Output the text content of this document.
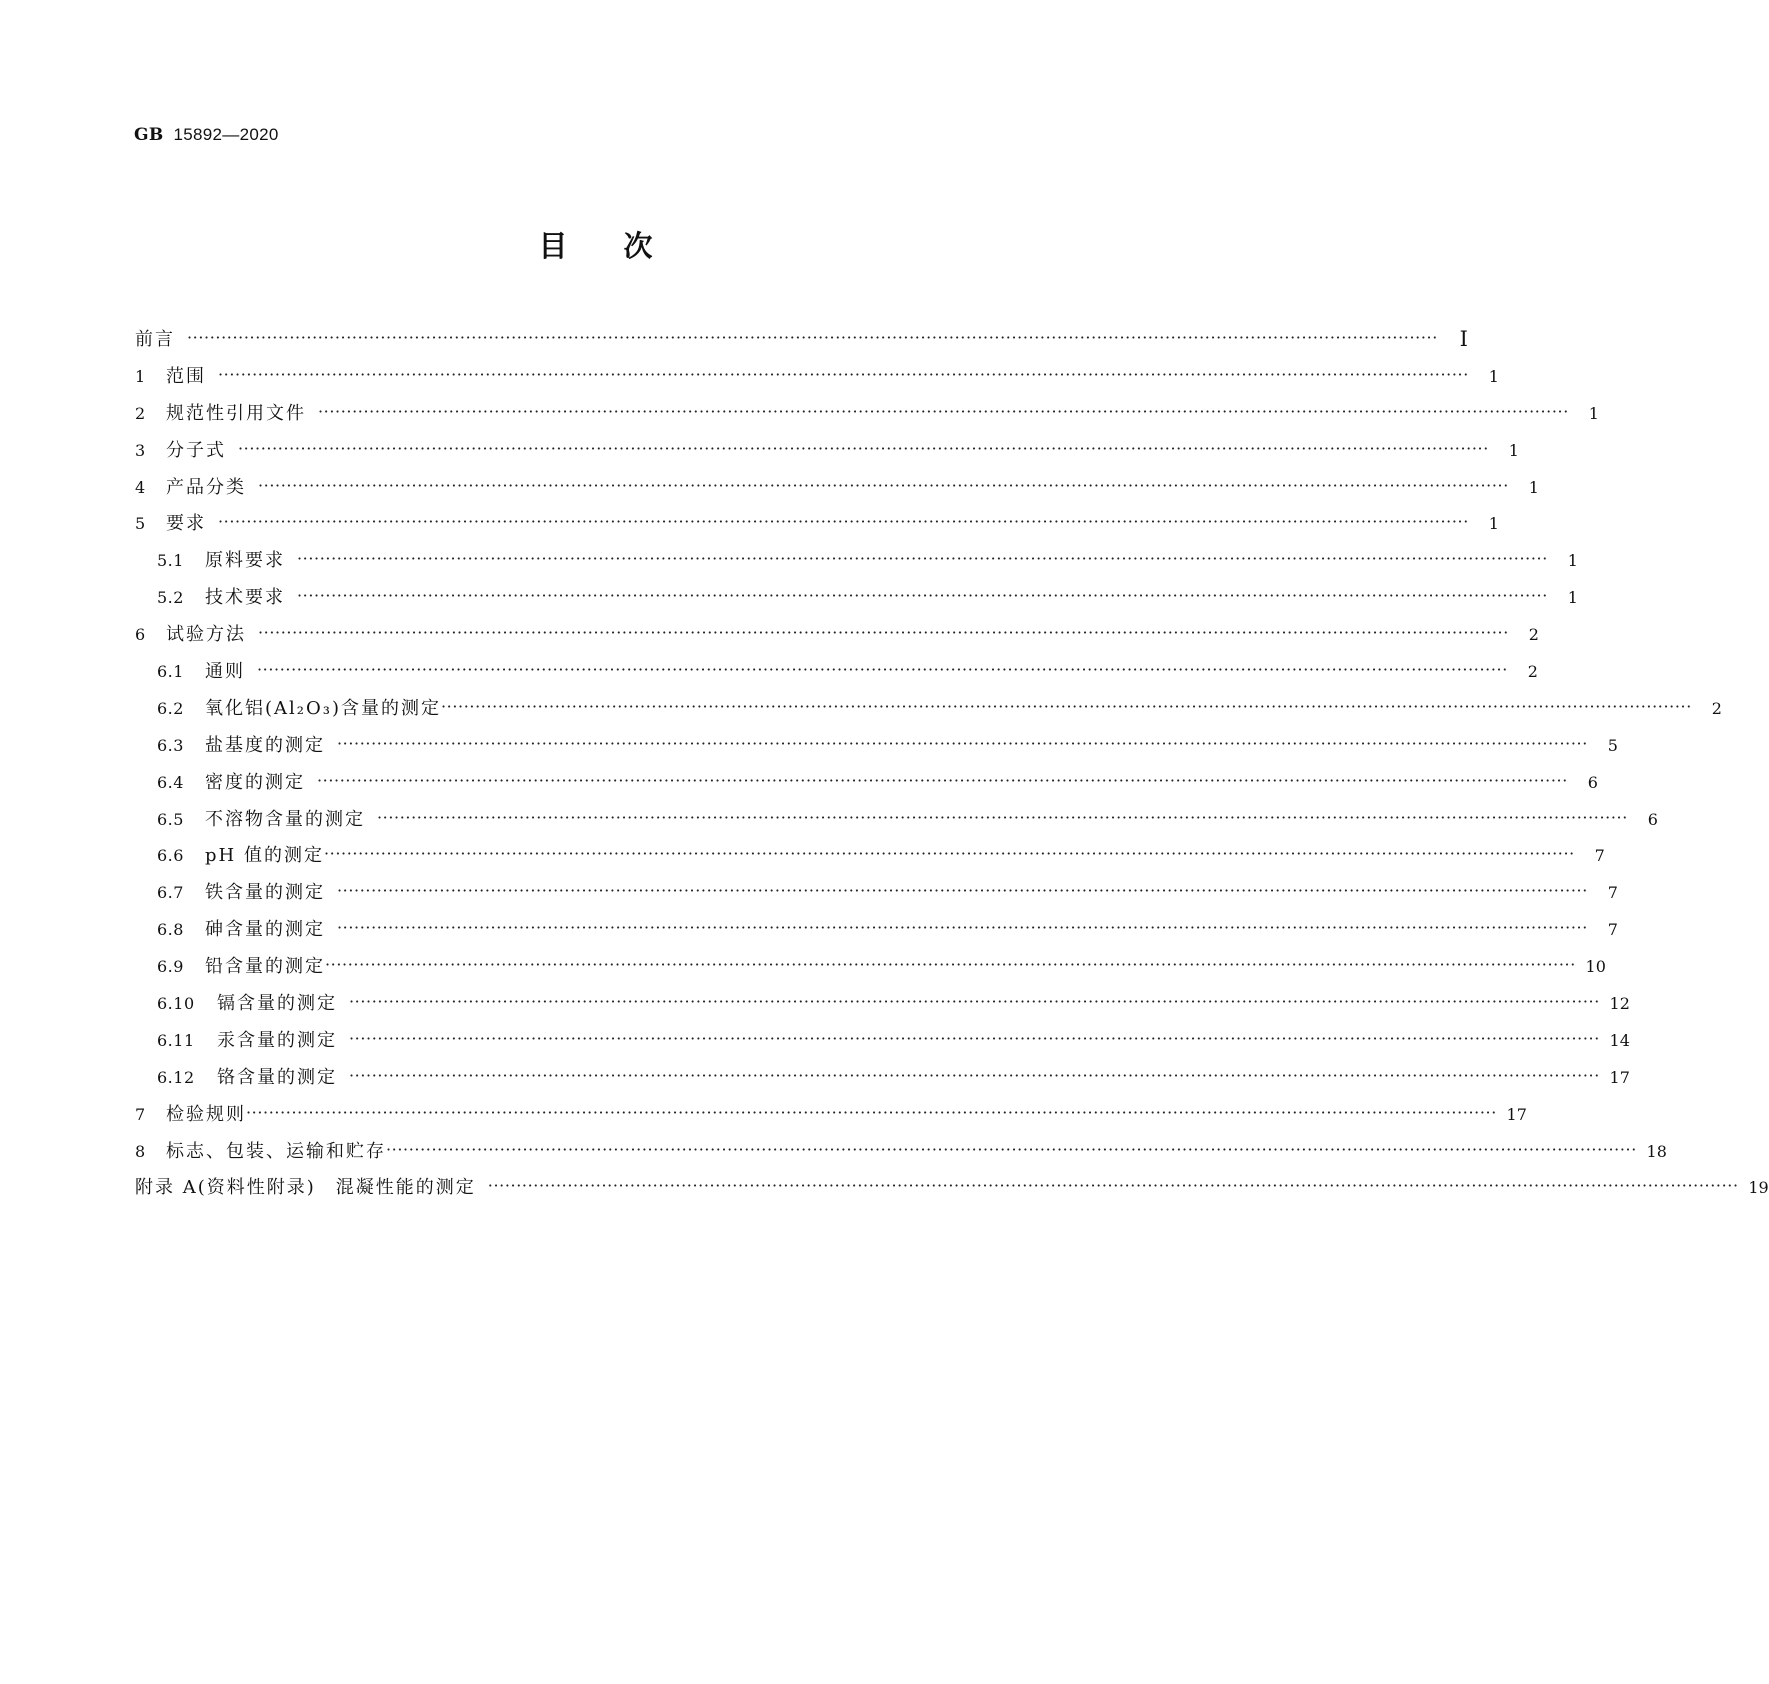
GB 15892—2020
目次
前言 ····························································································································································································································	Ⅰ
1	范围 ····························································································································································································································	1
2	规范性引用文件 ····························································································································································································································	1
3	分子式 ····························································································································································································································	1
4	产品分类 ····························································································································································································································	1
5	要求 ····························································································································································································································	1
5.1	原料要求 ····························································································································································································································	1
5.2	技术要求 ····························································································································································································································	1
6	试验方法 ····························································································································································································································	2
6.1	通则 ····························································································································································································································	2
6.2	氧化铝(Al₂O₃)含量的测定 ····························································································································································································································	2
6.3	盐基度的测定 ····························································································································································································································	5
6.4	密度的测定 ····························································································································································································································	6
6.5	不溶物含量的测定 ····························································································································································································································	6
6.6	pH 值的测定 ····························································································································································································································	7
6.7	铁含量的测定 ····························································································································································································································	7
6.8	砷含量的测定 ····························································································································································································································	7
6.9	铅含量的测定 ···························································································································································································································· 10
6.10	镉含量的测定 ···························································································································································································································· 12
6.11	汞含量的测定 ···························································································································································································································· 14
6.12	铬含量的测定 ···························································································································································································································· 17
7	检验规则 ···························································································································································································································· 17
8	标志、包装、运输和贮存 ···························································································································································································································· 18
附录 A(资料性附录)　混凝性能的测定 ···························································································································································································································· 19
